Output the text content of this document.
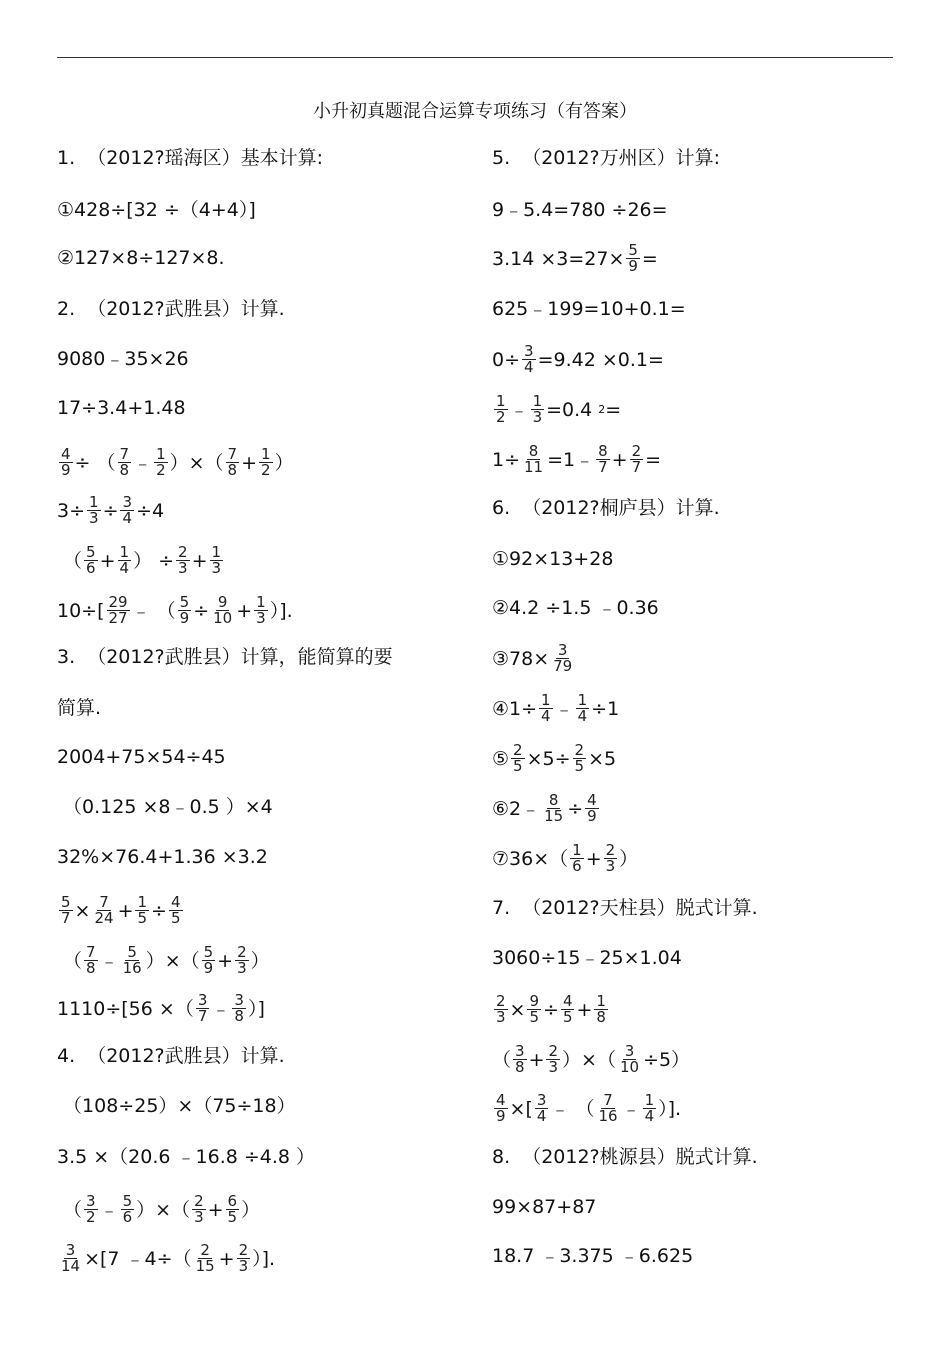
小升初真题混合运算专项练习（有答案）
1.  （2012?瑶海区）基本计算:
①428÷[32 ÷（4+4）]
②127×8÷127×8.
2.  （2012?武胜县）计算.
9080﹣35×26
17÷3.4+1.48
$\frac{4}{9}$ ÷ （ $\frac{7}{8}$ ﹣ $\frac{1}{2}$ ）×（ $\frac{7}{8} + \frac{1}{2}$ ）
$3\div \frac{1}{3} \div \frac{3}{4} \div 4$
（ $\frac{5}{6} + \frac{1}{4}$ ） ÷ $\frac{2}{3} + \frac{1}{3}$
$10\div[ \frac{29}{27}$ ﹣ （ $\frac{5}{9} \div \frac{9}{10} + \frac{1}{3}$ ）].
3.  （2012?武胜县）计算，能简算的要
简算.
2004+75×54÷45
（0.125 ×8﹣0.5 ）×4
32%×76.4+1.36 ×3.2
$\frac{5}{7} \times \frac{7}{24} + \frac{1}{5} \div \frac{4}{5}$
（ $\frac{7}{8}$ ﹣ $\frac{5}{16}$ ）×（ $\frac{5}{9} + \frac{2}{3}$ ）
1110÷[56 ×（ $\frac{3}{7}$ ﹣ $\frac{3}{8}$ ）]
4.  （2012?武胜县）计算.
（108÷25）×（75÷18）
3.5 ×（20.6 ﹣16.8 ÷4.8 ）
（ $\frac{3}{2}$ ﹣ $\frac{5}{6}$ ）×（ $\frac{2}{3} + \frac{6}{5}$ ）
$\frac{3}{14} \times[7$ ﹣4÷（ $\frac{2}{15} + \frac{2}{3}$ ）].
5.  （2012?万州区）计算:
9﹣5.4=780 ÷26=
$3.14 \times 3=27\times \frac{5}{9}$ =
625﹣199=10+0.1=
$0\div \frac{3}{4} =9.42 \times 0.1=$
$\frac{1}{2}$ ﹣ $\frac{1}{3} =0.4$ 2 =
$1\div \frac{8}{11}$ =1﹣ $\frac{8}{7} + \frac{2}{7}$ =
6.  （2012?桐庐县）计算.
①92×13+28
②4.2 ÷1.5 ﹣0.36
③78× $\frac{3}{79}$
④1÷ $\frac{1}{4}$ ﹣ $\frac{1}{4} \div 1$
⑤ $\frac{2}{5} \times 5\div \frac{2}{5} \times 5$
⑥2﹣ $\frac{8}{15} \div \frac{4}{9}$
⑦36×（ $\frac{1}{6} + \frac{2}{3}$ ）
7.  （2012?天柱县）脱式计算.
3060÷15﹣25×1.04
$\frac{2}{3} \times \frac{9}{5} \div \frac{4}{5} + \frac{1}{8}$
（ $\frac{3}{8} + \frac{2}{3}$ ）×（ $\frac{3}{10} \div 5$）
$\frac{4}{9}$ ×[ $\frac{3}{4}$ ﹣ （ $\frac{7}{16}$ ﹣ $\frac{1}{4}$ ）].
8.  （2012?桃源县）脱式计算.
99×87+87
18.7 ﹣3.375 ﹣6.625
